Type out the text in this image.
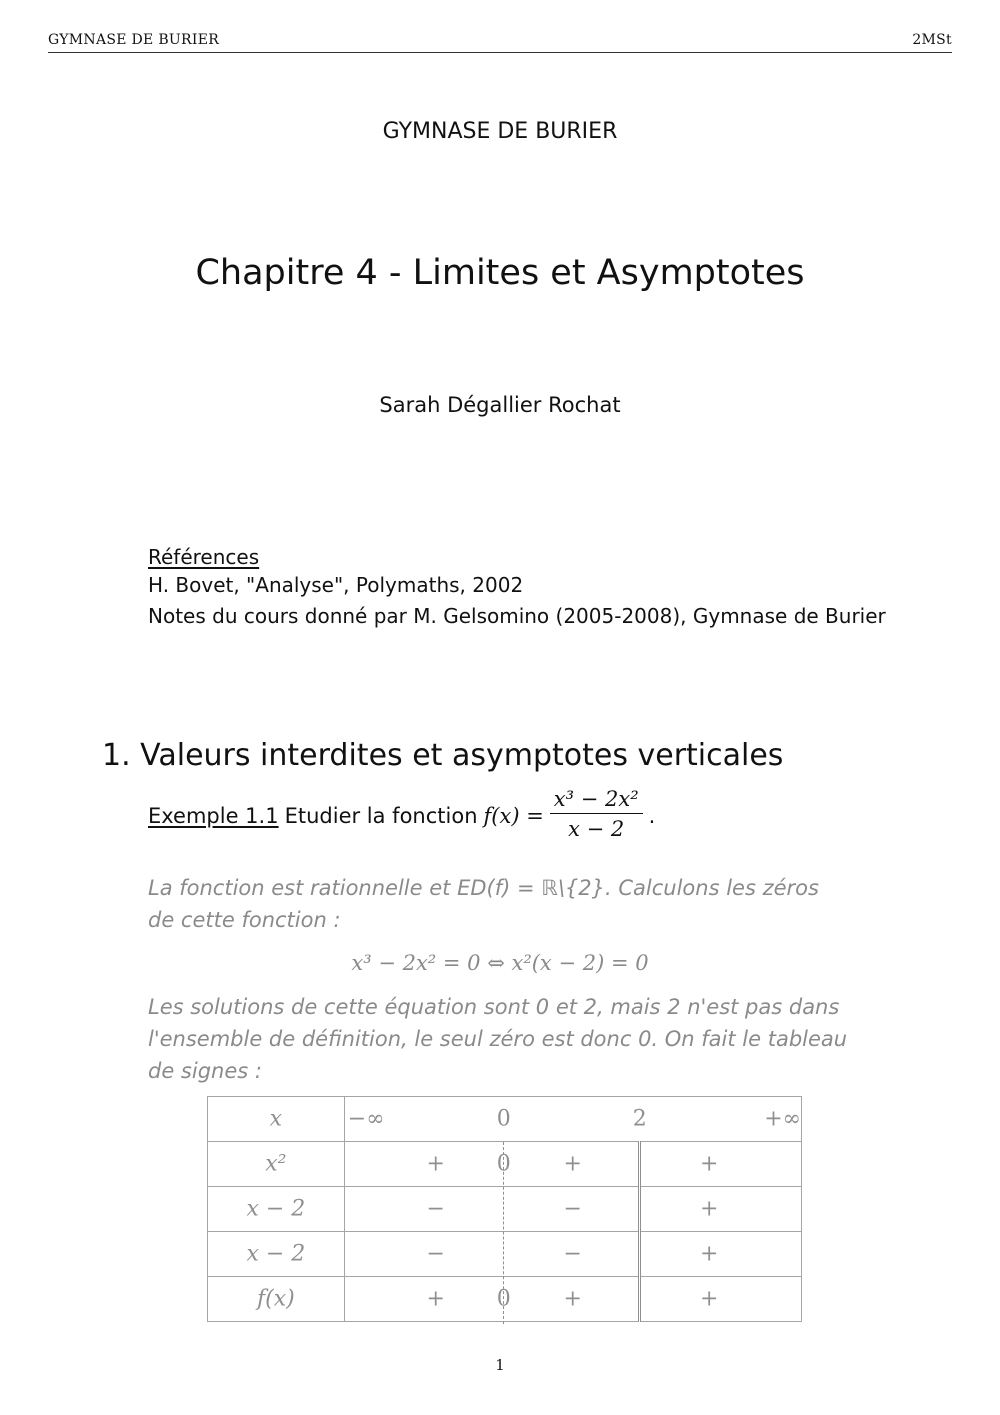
GYMNASE DE BURIER	2MSt
GYMNASE DE BURIER
Chapitre 4 - Limites et Asymptotes
Sarah Dégallier Rochat
Références
H. Bovet, "Analyse", Polymaths, 2002
Notes du cours donné par M. Gelsomino (2005-2008), Gymnase de Burier
1. Valeurs interdites et asymptotes verticales
Exemple 1.1 Etudier la fonction $f(x) = \frac{\text{x³ − 2x²}}{x - 2}$ .
La fonction est rationnelle et ED(f) = ℝ\{2}. Calculons les zéros
de cette fonction :
x³ − 2x² = 0 ⇔ x²(x − 2) = 0
Les solutions de cette équation sont 0 et 2, mais 2 n'est pas dans
l'ensemble de définition, le seul zéro est donc 0. On fait le tableau
de signes :
x	−∞ 0 2 +∞	

x²	+ 0 +	+

x − 2	− −	+

x − 2	− −	+

f(x)	+ 0 +	+
1
